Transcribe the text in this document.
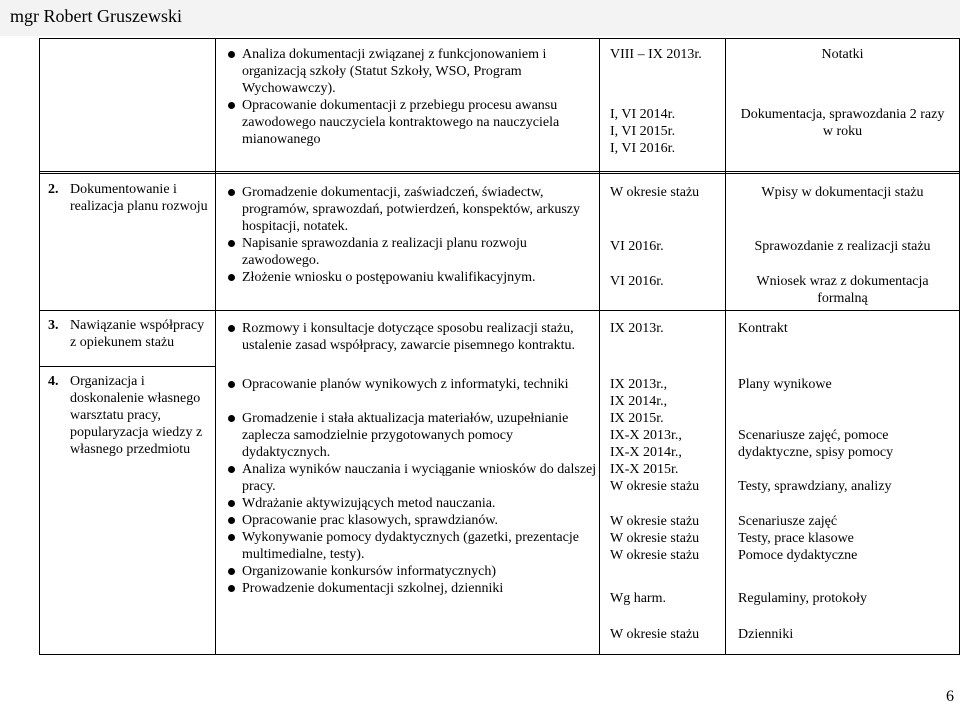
mgr Robert Gruszewski
Analiza dokumentacji związanej z funkcjonowaniem i organizacją szkoły (Statut Szkoły, WSO, Program Wychowawczy).
Opracowanie dokumentacji z przebiegu procesu awansu zawodowego nauczyciela kontraktowego na nauczyciela mianowanego
VIII – IX 2013r.
I, VI 2014r.
I, VI 2015r.
I, VI 2016r.
Notatki
Dokumentacja, sprawozdania 2 razy w roku
2. Dokumentowanie i realizacja planu rozwoju
Gromadzenie dokumentacji, zaświadczeń, świadectw, programów, sprawozdań, potwierdzeń, konspektów, arkuszy hospitacji, notatek.
Napisanie sprawozdania z realizacji planu rozwoju zawodowego.
Złożenie wniosku o postępowaniu kwalifikacyjnym.
W okresie stażu
VI 2016r.
VI 2016r.
Wpisy w dokumentacji stażu
Sprawozdanie z realizacji stażu
Wniosek wraz z dokumentacja formalną
3. Nawiązanie współpracy z opiekunem stażu
Rozmowy i konsultacje dotyczące sposobu realizacji stażu, ustalenie zasad współpracy, zawarcie pisemnego kontraktu.
IX 2013r.	Kontrakt
4. Organizacja i doskonalenie własnego warsztatu pracy, popularyzacja wiedzy z własnego przedmiotu
Opracowanie planów wynikowych z informatyki, techniki
Gromadzenie i stała aktualizacja materiałów, uzupełnianie zaplecza samodzielnie przygotowanych pomocy dydaktycznych.
Analiza wyników nauczania i wyciąganie wniosków do dalszej pracy.
Wdrażanie aktywizujących metod nauczania.
Opracowanie prac klasowych, sprawdzianów.
Wykonywanie pomocy dydaktycznych (gazetki, prezentacje multimedialne, testy).
Organizowanie konkursów informatycznych)
Prowadzenie dokumentacji szkolnej, dzienniki
IX 2013r.,
IX 2014r.,
IX 2015r.
IX-X 2013r.,
IX-X 2014r.,
IX-X 2015r.
W okresie stażu
W okresie stażu
W okresie stażu
W okresie stażu
Wg harm.
W okresie stażu
Plany wynikowe
Scenariusze zajęć, pomoce dydaktyczne, spisy pomocy
Testy, sprawdziany, analizy
Scenariusze zajęć
Testy, prace klasowe
Pomoce dydaktyczne
Regulaminy, protokoły
Dzienniki
6
